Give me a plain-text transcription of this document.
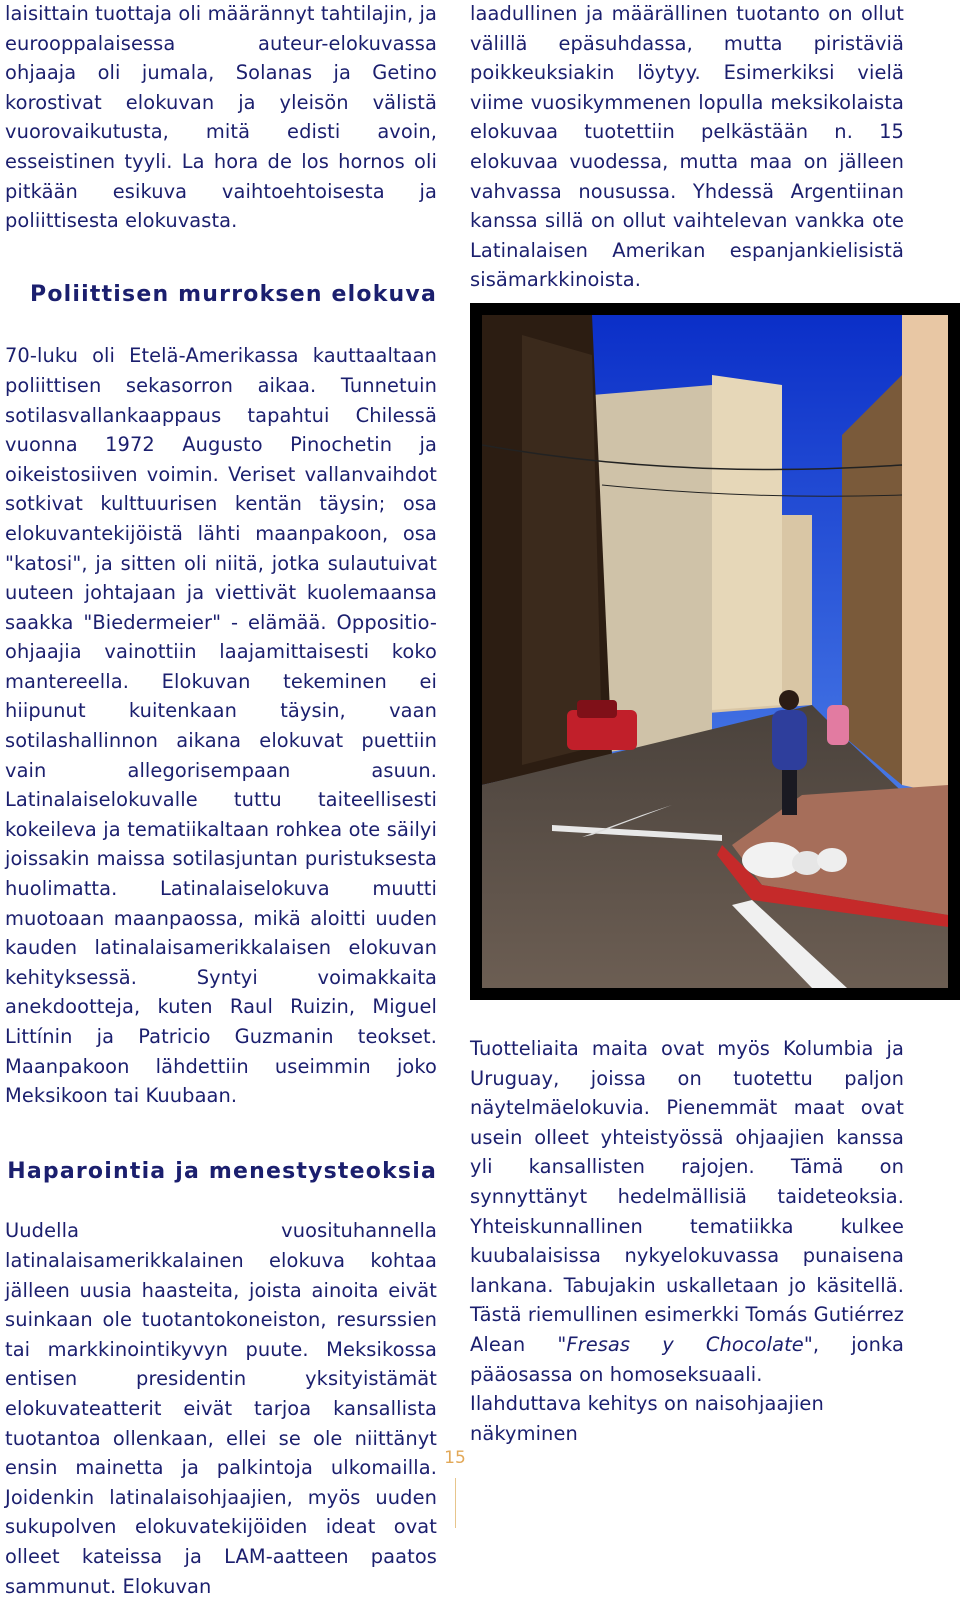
laisittain tuottaja oli määrännyt tahtilajin, ja eurooppalaisessa auteur-elokuvassa ohjaaja oli jumala, Solanas ja Getino korostivat elokuvan ja yleisön välistä vuorovaikutusta, mitä edisti avoin, esseistinen tyyli. La hora de los hornos oli pitkään esikuva vaihtoehtoisesta ja poliittisesta elokuvasta.

Poliittisen murroksen elokuva

70-luku oli Etelä-Amerikassa kauttaaltaan poliittisen sekasorron aikaa. Tunnetuin sotilasvallankaappaus tapahtui Chilessä vuonna 1972 Augusto Pinochetin ja oikeistosiiven voimin. Veriset vallanvaihdot sotkivat kulttuurisen kentän täysin; osa elokuvantekijöistä lähti maanpakoon, osa "katosi", ja sitten oli niitä, jotka sulautuivat uuteen johtajaan ja viettivät kuolemaansa saakka "Biedermeier" - elämää. Oppositio-ohjaajia vainottiin laajamittaisesti koko mantereella. Elokuvan tekeminen ei hiipunut kuitenkaan täysin, vaan sotilashallinnon aikana elokuvat puettiin vain allegorisempaan asuun. Latinalaiselokuvalle tuttu taiteellisesti kokeileva ja tematiikaltaan rohkea ote säilyi joissakin maissa sotilasjuntan puristuksesta huolimatta. Latinalaiselokuva muutti muotoaan maanpaossa, mikä aloitti uuden kauden latinalaisamerikkalaisen elokuvan kehityksessä. Syntyi voimakkaita anekdootteja, kuten Raul Ruizin, Miguel Littínin ja Patricio Guzmanin teokset. Maanpakoon lähdettiin useimmin joko Meksikoon tai Kuubaan.

Haparointia ja menestysteoksia

Uudella vuosituhannella latinalaisamerikkalainen elokuva kohtaa jälleen uusia haasteita, joista ainoita eivät suinkaan ole tuotantokoneiston, resurssien tai markkinointikyvyn puute. Meksikossa entisen presidentin yksityistämät elokuvateatterit eivät tarjoa kansallista tuotantoa ollenkaan, ellei se ole niittänyt ensin mainetta ja palkintoja ulkomailla. Joidenkin latinalaisohjaajien, myös uuden sukupolven elokuvatekijöiden ideat ovat olleet kateissa ja LAM-aatteen paatos sammunut. Elokuvan

laadullinen ja määrällinen tuotanto on ollut välillä epäsuhdassa, mutta piristäviä poikkeuksiakin löytyy. Esimerkiksi vielä viime vuosikymmenen lopulla meksikolaista elokuvaa tuotettiin pelkästään n. 15 elokuvaa vuodessa, mutta maa on jälleen vahvassa nousussa. Yhdessä Argentiinan kanssa sillä on ollut vaihtelevan vankka ote Latinalaisen Amerikan espanjankielisistä sisämarkkinoista.

Tuotteliaita maita ovat myös Kolumbia ja Uruguay, joissa on tuotettu paljon näytelmäelokuvia. Pienemmät maat ovat usein olleet yhteistyössä ohjaajien kanssa yli kansallisten rajojen. Tämä on synnyttänyt hedelmällisiä taideteoksia. Yhteiskunnallinen tematiikka kulkee kuubalaisissa nykyelokuvassa punaisena lankana. Tabujakin uskalletaan jo käsitellä. Tästä riemullinen esimerkki Tomás Gutiérrez Alean "Fresas y Chocolate", jonka pääosassa on homoseksuaali.

Ilahduttava kehitys on naisohjaajien näkyminen

15
